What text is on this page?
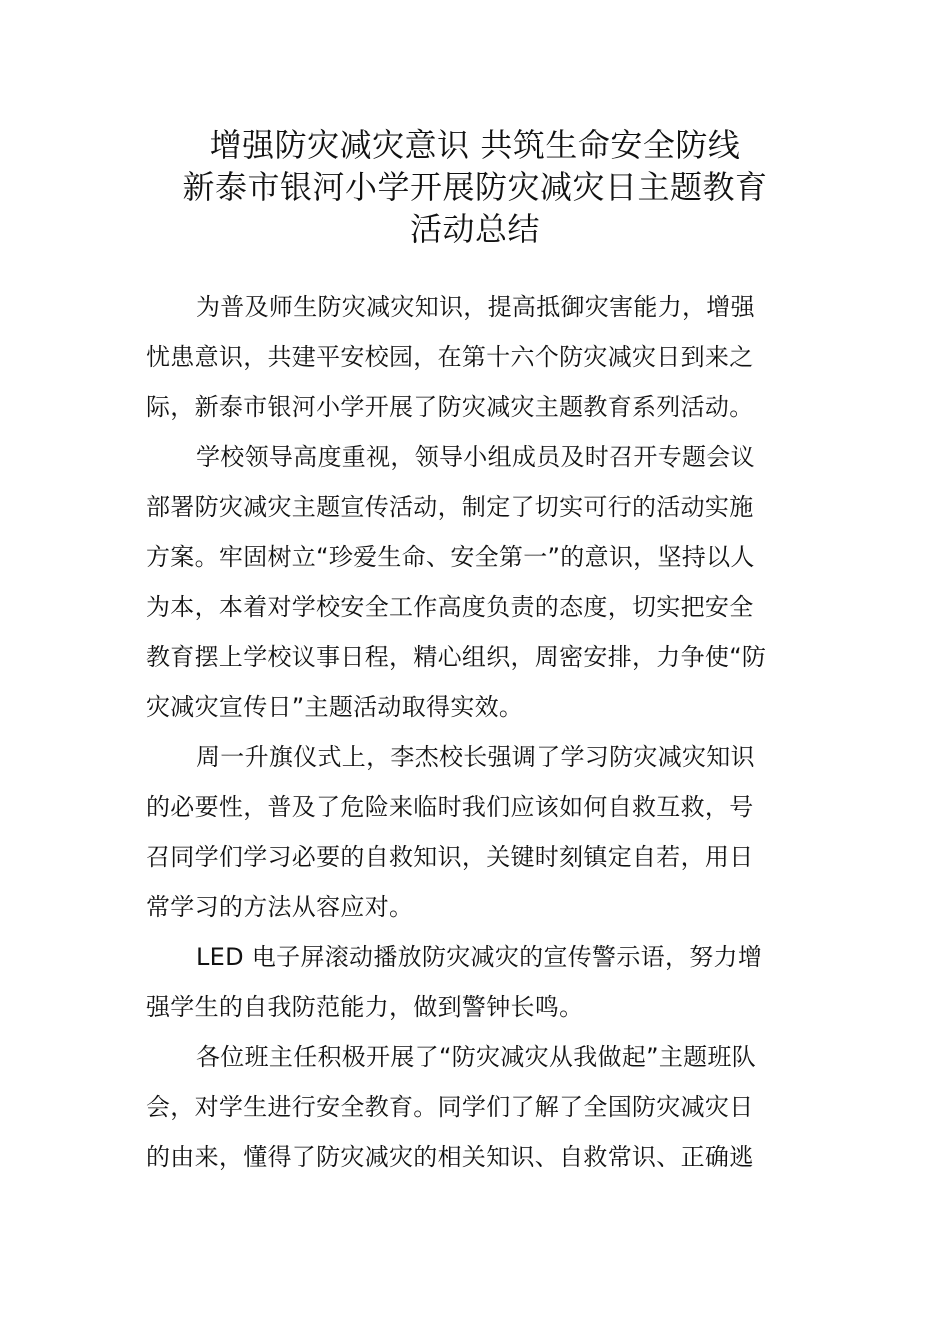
增强防灾减灾意识 共筑生命安全防线
新泰市银河小学开展防灾减灾日主题教育
活动总结

为普及师生防灾减灾知识，提高抵御灾害能力，增强
忧患意识，共建平安校园，在第十六个防灾减灾日到来之
际，新泰市银河小学开展了防灾减灾主题教育系列活动。

学校领导高度重视，领导小组成员及时召开专题会议
部署防灾减灾主题宣传活动，制定了切实可行的活动实施
方案。牢固树立“珍爱生命、安全第一”的意识，坚持以人
为本，本着对学校安全工作高度负责的态度，切实把安全
教育摆上学校议事日程，精心组织，周密安排，力争使“防
灾减灾宣传日”主题活动取得实效。

周一升旗仪式上，李杰校长强调了学习防灾减灾知识
的必要性，普及了危险来临时我们应该如何自救互救，号
召同学们学习必要的自救知识，关键时刻镇定自若，用日
常学习的方法从容应对。

LED 电子屏滚动播放防灾减灾的宣传警示语，努力增
强学生的自我防范能力，做到警钟长鸣。

各位班主任积极开展了“防灾减灾从我做起”主题班队
会，对学生进行安全教育。同学们了解了全国防灾减灾日
的由来，懂得了防灾减灾的相关知识、自救常识、正确逃
